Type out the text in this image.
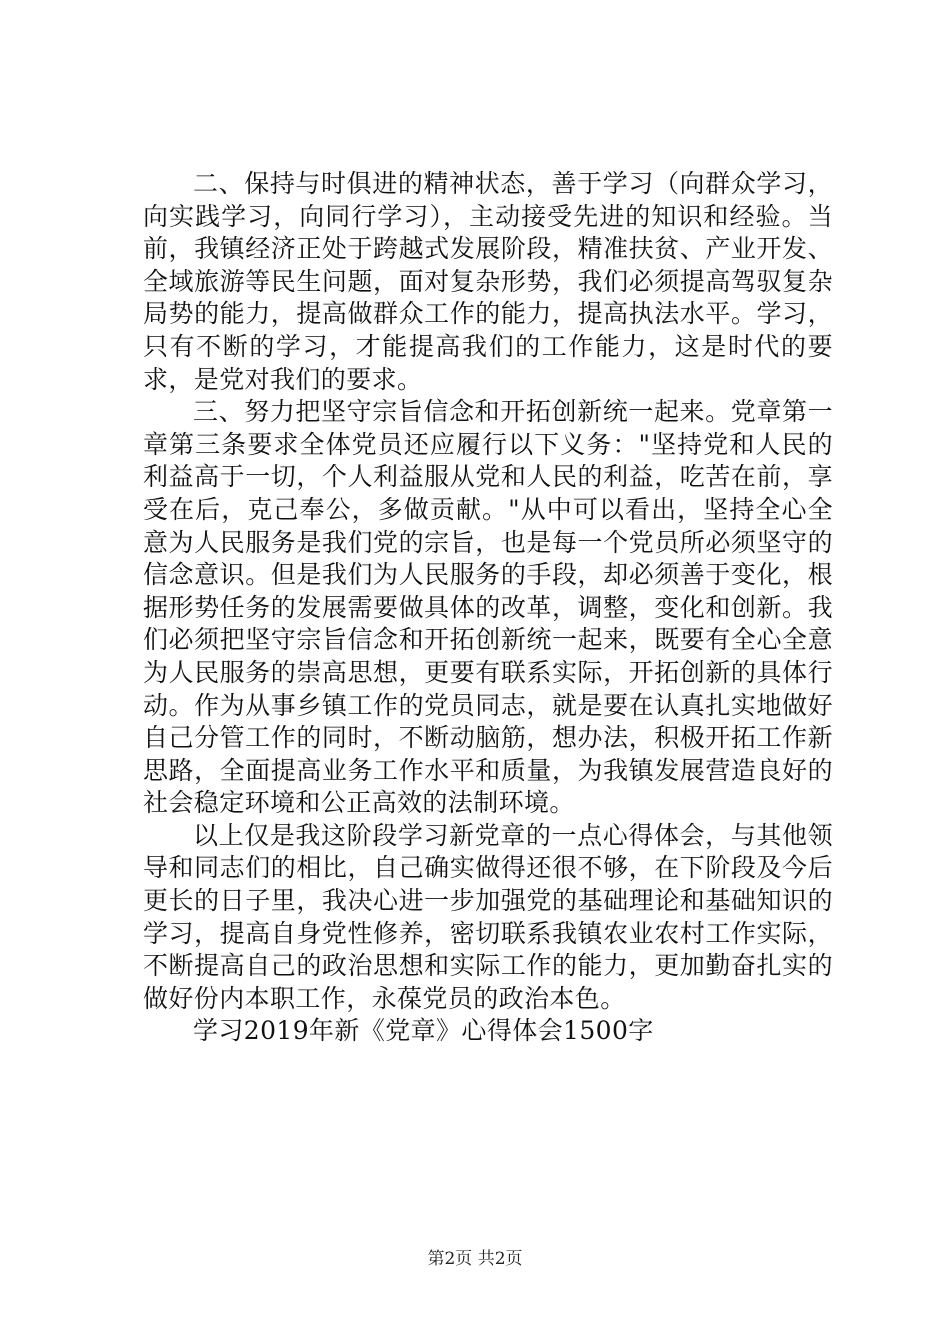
二、保持与时俱进的精神状态，善于学习（向群众学习，向实践学习，向同行学习），主动接受先进的知识和经验。当前，我镇经济正处于跨越式发展阶段，精准扶贫、产业开发、全域旅游等民生问题，面对复杂形势，我们必须提高驾驭复杂局势的能力，提高做群众工作的能力，提高执法水平。学习，只有不断的学习，才能提高我们的工作能力，这是时代的要求，是党对我们的要求。

三、努力把坚守宗旨信念和开拓创新统一起来。党章第一章第三条要求全体党员还应履行以下义务："坚持党和人民的利益高于一切，个人利益服从党和人民的利益，吃苦在前，享受在后，克己奉公，多做贡献。"从中可以看出，坚持全心全意为人民服务是我们党的宗旨，也是每一个党员所必须坚守的信念意识。但是我们为人民服务的手段，却必须善于变化，根据形势任务的发展需要做具体的改革，调整，变化和创新。我们必须把坚守宗旨信念和开拓创新统一起来，既要有全心全意为人民服务的崇高思想，更要有联系实际，开拓创新的具体行动。作为从事乡镇工作的党员同志，就是要在认真扎实地做好自己分管工作的同时，不断动脑筋，想办法，积极开拓工作新思路，全面提高业务工作水平和质量，为我镇发展营造良好的社会稳定环境和公正高效的法制环境。

以上仅是我这阶段学习新党章的一点心得体会，与其他领导和同志们的相比，自己确实做得还很不够，在下阶段及今后更长的日子里，我决心进一步加强党的基础理论和基础知识的学习，提高自身党性修养，密切联系我镇农业农村工作实际，不断提高自己的政治思想和实际工作的能力，更加勤奋扎实的做好份内本职工作，永葆党员的政治本色。

学习2019年新《党章》心得体会1500字

第2页 共2页
